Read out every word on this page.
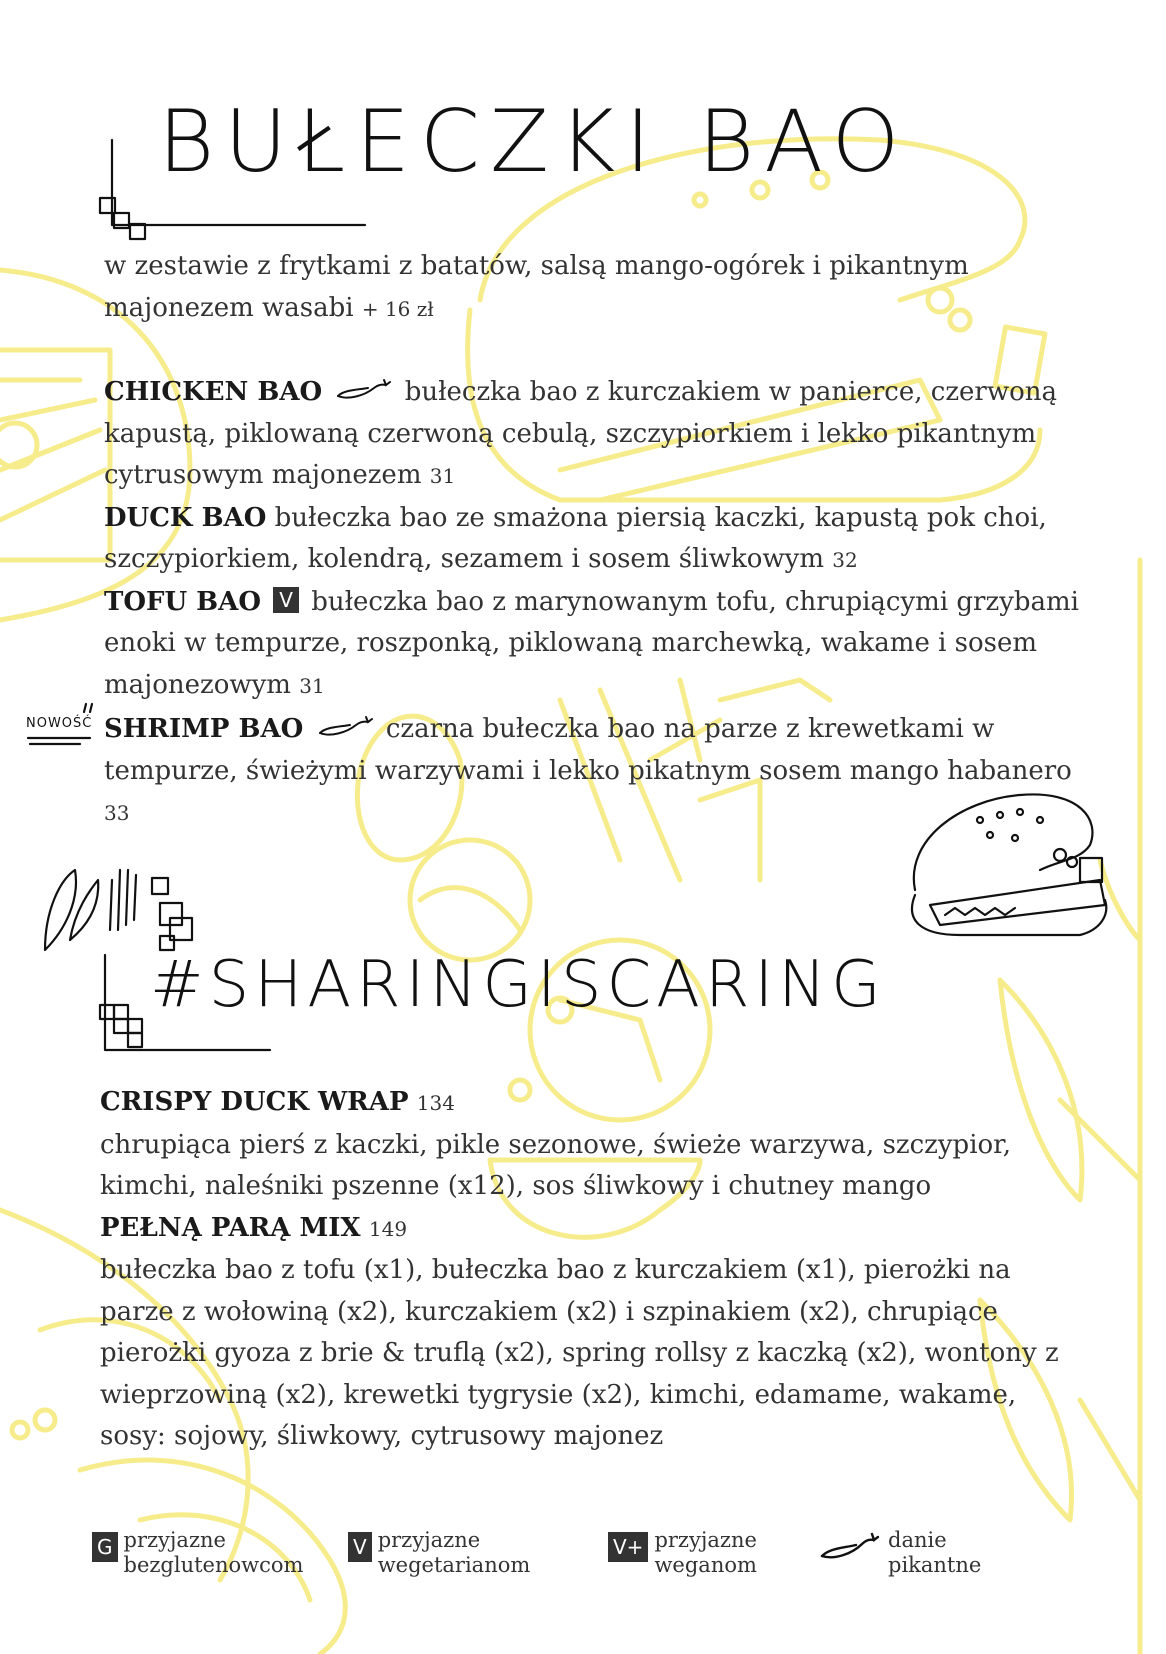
BUŁECZKI BAO
#SHARINGISCARING
w zestawie z frytkami z batatów, salsą mango-ogórek i pikantnym majonezem wasabi + 16 zł
CHICKEN BAO	bułeczka bao z kurczakiem w panierce, czerwoną kapustą, piklowaną czerwoną cebulą, szczypiorkiem i lekko pikantnym cytrusowym majonezem 31
DUCK BAO bułeczka bao ze smażona piersią kaczki, kapustą pok choi, szczypiorkiem, kolendrą, sezamem i sosem śliwkowym 32
TOFU BAO V bułeczka bao z marynowanym tofu, chrupiącymi grzybami enoki w tempurze, roszponką, piklowaną marchewką, wakame i sosem majonezowym 31
SHRIMP BAO	czarna bułeczka bao na parze z krewetkami w tempurze, świeżymi warzywami i lekko pikatnym sosem mango habanero 33
NOWOŚĆ
CRISPY DUCK WRAP 134
chrupiąca pierś z kaczki, pikle sezonowe, świeże warzywa, szczypior, kimchi, naleśniki pszenne (x12), sos śliwkowy i chutney mango
PEŁNĄ PARĄ MIX 149
bułeczka bao z tofu (x1), bułeczka bao z kurczakiem (x1), pierożki na parze z wołowiną (x2), kurczakiem (x2) i szpinakiem (x2), chrupiące pierożki gyoza z brie & truflą (x2), spring rollsy z kaczką (x2), wontony z wieprzowiną (x2), krewetki tygrysie (x2), kimchi, edamame, wakame, sosy: sojowy, śliwkowy, cytrusowy majonez
G przyjazne
bezglutenowcom
V przyjazne
wegetarianom
V+ przyjazne
weganom
danie
pikantne
